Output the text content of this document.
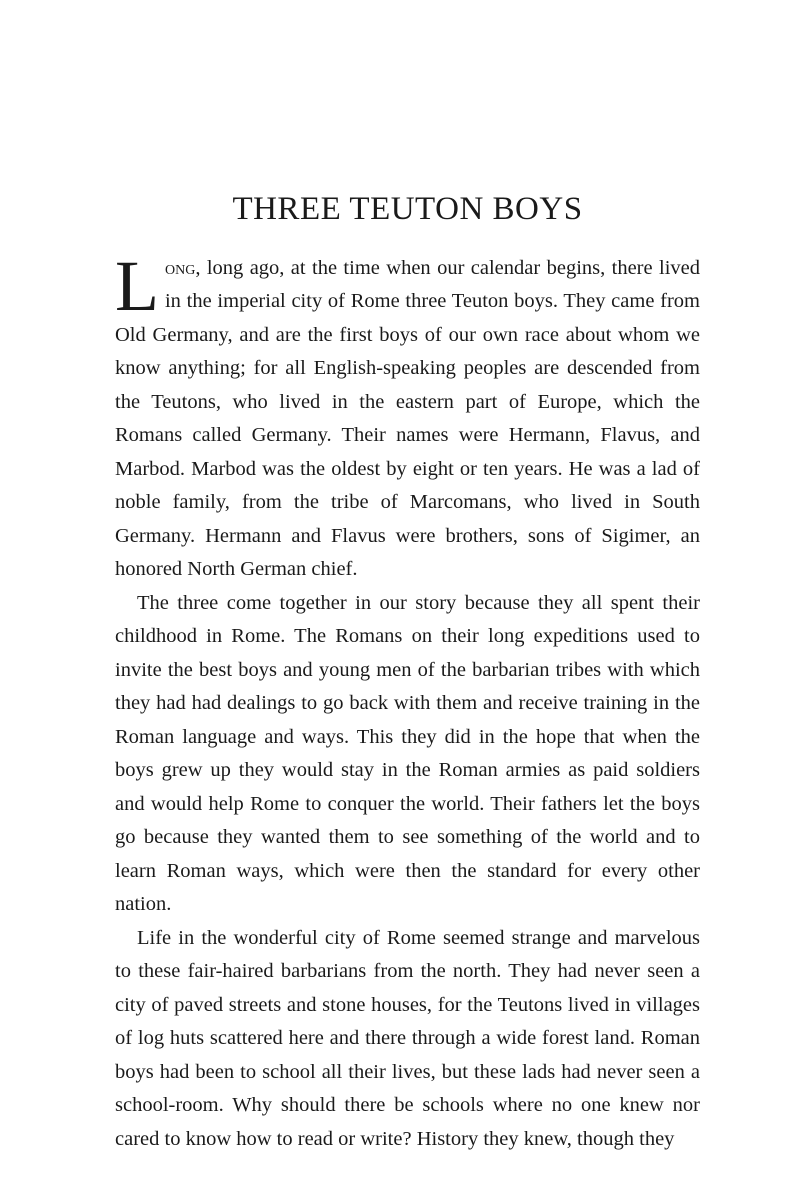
THREE TEUTON BOYS

Long, long ago, at the time when our calendar begins, there lived in the imperial city of Rome three Teuton boys. They came from Old Germany, and are the first boys of our own race about whom we know anything; for all English-speaking peoples are descended from the Teutons, who lived in the eastern part of Europe, which the Romans called Germany. Their names were Hermann, Flavus, and Marbod. Marbod was the oldest by eight or ten years. He was a lad of noble family, from the tribe of Marcomans, who lived in South Germany. Hermann and Flavus were brothers, sons of Sigimer, an honored North German chief.

The three come together in our story because they all spent their childhood in Rome. The Romans on their long expeditions used to invite the best boys and young men of the barbarian tribes with which they had had dealings to go back with them and receive training in the Roman language and ways. This they did in the hope that when the boys grew up they would stay in the Roman armies as paid soldiers and would help Rome to conquer the world. Their fathers let the boys go because they wanted them to see something of the world and to learn Roman ways, which were then the standard for every other nation.

Life in the wonderful city of Rome seemed strange and marvelous to these fair-haired barbarians from the north. They had never seen a city of paved streets and stone houses, for the Teutons lived in villages of log huts scattered here and there through a wide forest land. Roman boys had been to school all their lives, but these lads had never seen a school-room. Why should there be schools where no one knew nor cared to know how to read or write? History they knew, though they
